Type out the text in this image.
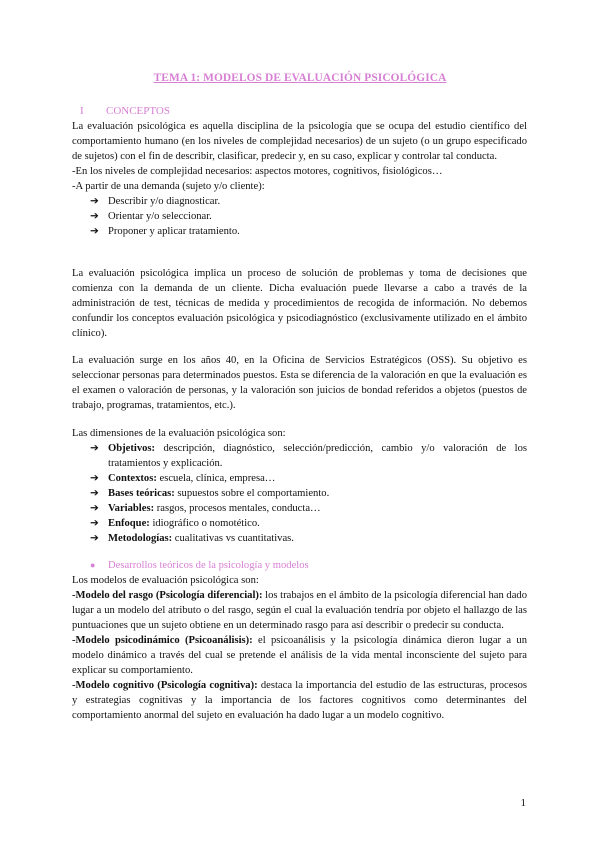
TEMA 1: MODELOS DE EVALUACIÓN PSICOLÓGICA
I CONCEPTOS
La evaluación psicológica es aquella disciplina de la psicología que se ocupa del estudio científico del comportamiento humano (en los niveles de complejidad necesarios) de un sujeto (o un grupo especificado de sujetos) con el fin de describir, clasificar, predecir y, en su caso, explicar y controlar tal conducta.
-En los niveles de complejidad necesarios: aspectos motores, cognitivos, fisiológicos…
-A partir de una demanda (sujeto y/o cliente):
➔ Describir y/o diagnosticar.
➔ Orientar y/o seleccionar.
➔ Proponer y aplicar tratamiento.
La evaluación psicológica implica un proceso de solución de problemas y toma de decisiones que comienza con la demanda de un cliente. Dicha evaluación puede llevarse a cabo a través de la administración de test, técnicas de medida y procedimientos de recogida de información. No debemos confundir los conceptos evaluación psicológica y psicodiagnóstico (exclusivamente utilizado en el ámbito clínico).
La evaluación surge en los años 40, en la Oficina de Servicios Estratégicos (OSS). Su objetivo es seleccionar personas para determinados puestos. Esta se diferencia de la valoración en que la evaluación es el examen o valoración de personas, y la valoración son juicios de bondad referidos a objetos (puestos de trabajo, programas, tratamientos, etc.).
Las dimensiones de la evaluación psicológica son:
➔ Objetivos: descripción, diagnóstico, selección/predicción, cambio y/o valoración de los tratamientos y explicación.
➔ Contextos: escuela, clínica, empresa…
➔ Bases teóricas: supuestos sobre el comportamiento.
➔ Variables: rasgos, procesos mentales, conducta…
➔ Enfoque: idiográfico o nomotético.
➔ Metodologías: cualitativas vs cuantitativas.
● Desarrollos teóricos de la psicología y modelos
Los modelos de evaluación psicológica son:
-Modelo del rasgo (Psicología diferencial): los trabajos en el ámbito de la psicología diferencial han dado lugar a un modelo del atributo o del rasgo, según el cual la evaluación tendría por objeto el hallazgo de las puntuaciones que un sujeto obtiene en un determinado rasgo para así describir o predecir su conducta.
-Modelo psicodinámico (Psicoanálisis): el psicoanálisis y la psicología dinámica dieron lugar a un modelo dinámico a través del cual se pretende el análisis de la vida mental inconsciente del sujeto para explicar su comportamiento.
-Modelo cognitivo (Psicología cognitiva): destaca la importancia del estudio de las estructuras, procesos y estrategias cognitivas y la importancia de los factores cognitivos como determinantes del comportamiento anormal del sujeto en evaluación ha dado lugar a un modelo cognitivo.
1
